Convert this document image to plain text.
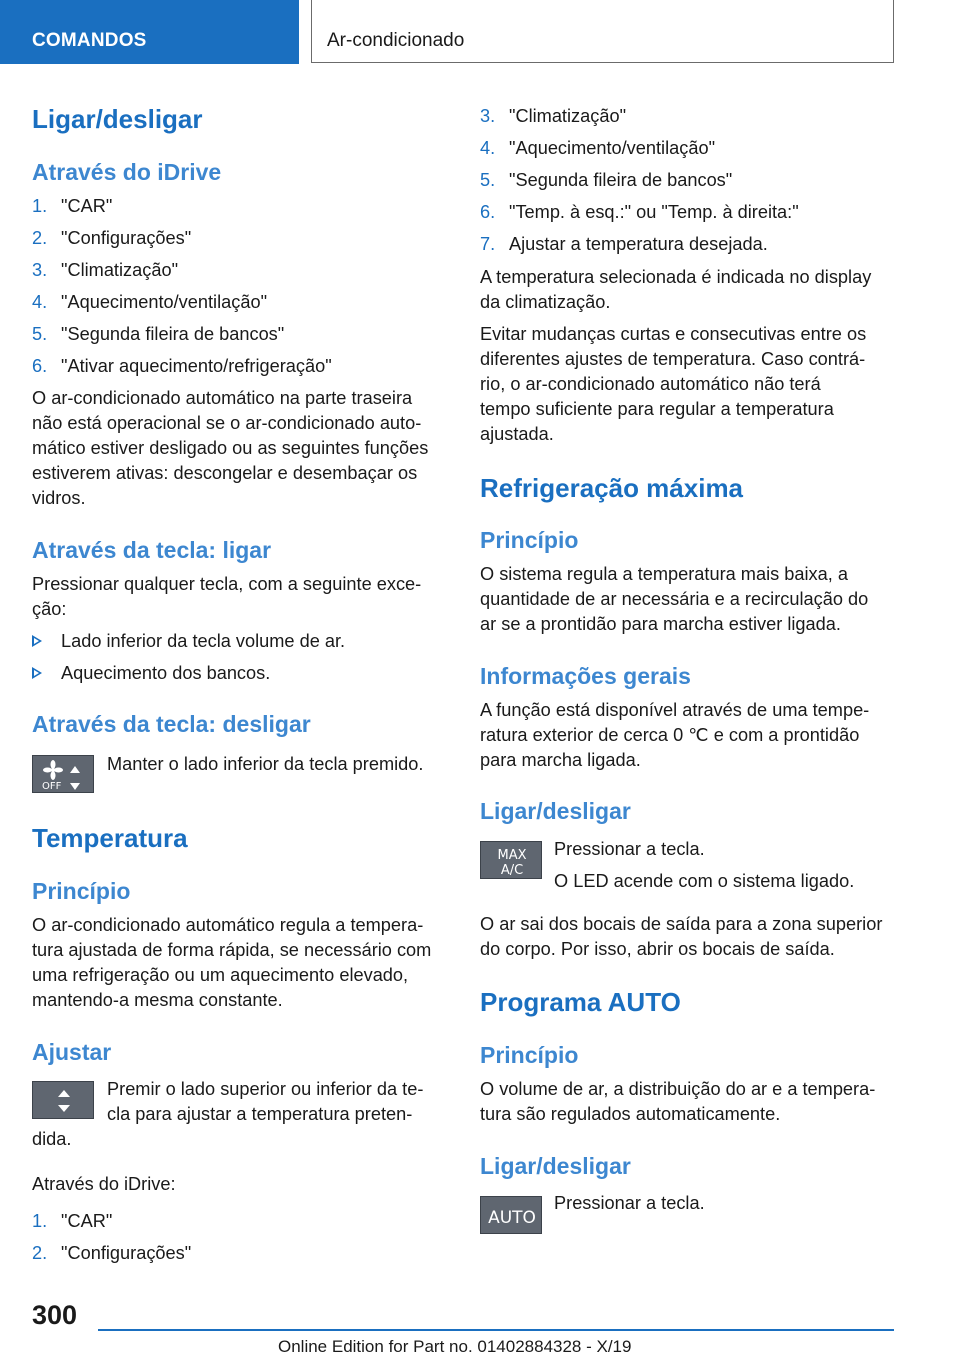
COMANDOS	Ar-condicionado
Ligar/desligar
Através do iDrive
1. "CAR"
2. "Configurações"
3. "Climatização"
4. "Aquecimento/ventilação"
5. "Segunda fileira de bancos"
6. "Ativar aquecimento/refrigeração"
O ar-condicionado automático na parte traseira
não está operacional se o ar-condicionado auto-
mático estiver desligado ou as seguintes funções
estiverem ativas: descongelar e desembaçar os
vidros.
Através da tecla: ligar
Pressionar qualquer tecla, com a seguinte exce-
ção:
Lado inferior da tecla volume de ar.
Aquecimento dos bancos.
Através da tecla: desligar
OFF
Manter o lado inferior da tecla premido.
Temperatura
Princípio
O ar-condicionado automático regula a tempera-
tura ajustada de forma rápida, se necessário com
uma refrigeração ou um aquecimento elevado,
mantendo-a mesma constante.
Ajustar
Premir o lado superior ou inferior da te-
cla para ajustar a temperatura preten-
dida.
Através do iDrive:
1. "CAR"
2. "Configurações"
3. "Climatização"
4. "Aquecimento/ventilação"
5. "Segunda fileira de bancos"
6. "Temp. à esq.:" ou "Temp. à direita:"
7. Ajustar a temperatura desejada.
A temperatura selecionada é indicada no display
da climatização.
Evitar mudanças curtas e consecutivas entre os
diferentes ajustes de temperatura. Caso contrá-
rio, o ar-condicionado automático não terá
tempo suficiente para regular a temperatura
ajustada.
Refrigeração máxima
Princípio
O sistema regula a temperatura mais baixa, a
quantidade de ar necessária e a recirculação do
ar se a prontidão para marcha estiver ligada.
Informações gerais
A função está disponível através de uma tempe-
ratura exterior de cerca 0 ℃ e com a prontidão
para marcha ligada.
Ligar/desligar
MAX
A/C
Pressionar a tecla.
O LED acende com o sistema ligado.
O ar sai dos bocais de saída para a zona superior
do corpo. Por isso, abrir os bocais de saída.
Programa AUTO
Princípio
O volume de ar, a distribuição do ar e a tempera-
tura são regulados automaticamente.
Ligar/desligar
AUTO
Pressionar a tecla.
300
Online Edition for Part no. 01402884328 - X/19
